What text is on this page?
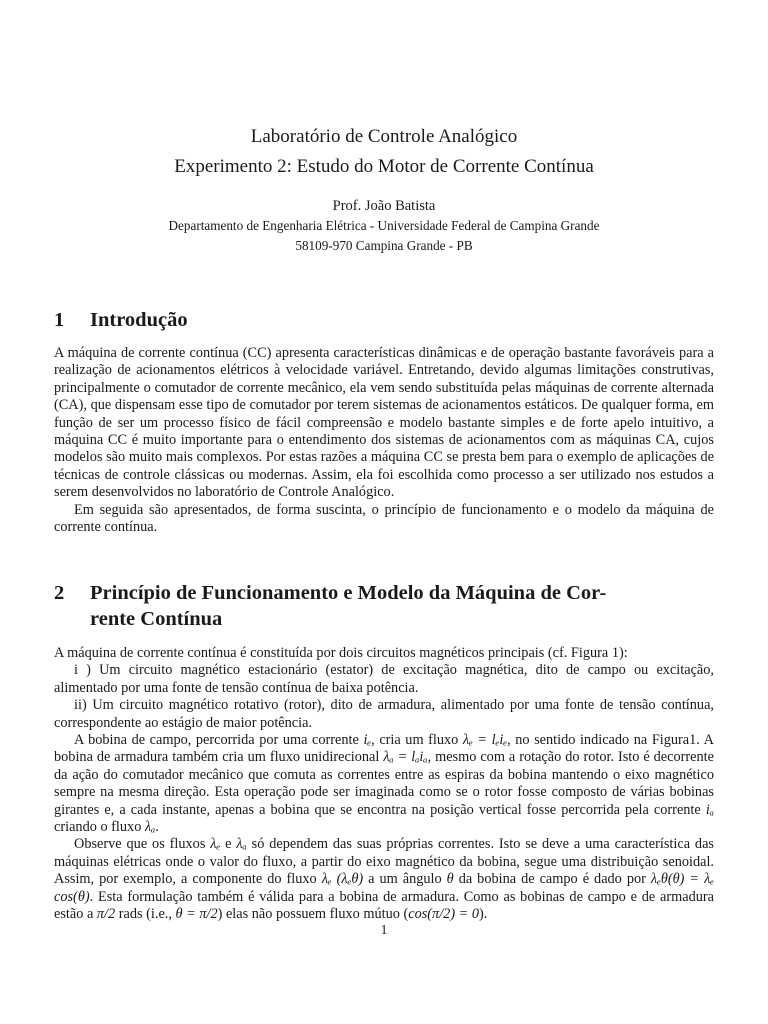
Laboratório de Controle Analógico
Experimento 2: Estudo do Motor de Corrente Contínua
Prof. João Batista
Departamento de Engenharia Elétrica - Universidade Federal de Campina Grande
58109-970 Campina Grande - PB
1 Introdução

A máquina de corrente contínua (CC) apresenta características dinâmicas e de operação bastante favoráveis para a realização de acionamentos elétricos à velocidade variável. Entretando, devido algumas limitações construtivas, principalmente o comutador de corrente mecânico, ela vem sendo substituída pelas máquinas de corrente alternada (CA), que dispensam esse tipo de comutador por terem sistemas de acionamentos estáticos. De qualquer forma, em função de ser um processo físico de fácil compreensão e modelo bastante simples e de forte apelo intuitivo, a máquina CC é muito importante para o entendimento dos sistemas de acionamentos com as máquinas CA, cujos modelos são muito mais complexos. Por estas razões a máquina CC se presta bem para o exemplo de aplicações de técnicas de controle clássicas ou modernas. Assim, ela foi escolhida como processo a ser utilizado nos estudos a serem desenvolvidos no laboratório de Controle Analógico.

Em seguida são apresentados, de forma suscinta, o princípio de funcionamento e o modelo da máquina de corrente contínua.

2 Princípio de Funcionamento e Modelo da Máquina de Cor-
rente Contínua

A máquina de corrente contínua é constituída por dois circuitos magnéticos principais (cf. Figura 1):

i ) Um circuito magnético estacionário (estator) de excitação magnética, dito de campo ou excitação, alimentado por uma fonte de tensão contínua de baixa potência.

ii) Um circuito magnético rotativo (rotor), dito de armadura, alimentado por uma fonte de tensão contínua, correspondente ao estágio de maior potência.

A bobina de campo, percorrida por uma corrente iₑ, cria um fluxo λₑ = lₑiₑ, no sentido indicado na Figura1. A bobina de armadura também cria um fluxo unidirecional λₐ = lₐiₐ, mesmo com a rotação do rotor. Isto é decorrente da ação do comutador mecânico que comuta as correntes entre as espiras da bobina mantendo o eixo magnético sempre na mesma direção. Esta operação pode ser imaginada como se o rotor fosse composto de várias bobinas girantes e, a cada instante, apenas a bobina que se encontra na posição vertical fosse percorrida pela corrente iₐ criando o fluxo λₐ.

Observe que os fluxos λₑ e λₐ só dependem das suas próprias correntes. Isto se deve a uma característica das máquinas elétricas onde o valor do fluxo, a partir do eixo magnético da bobina, segue uma distribuição senoidal. Assim, por exemplo, a componente do fluxo λₑ (λₑθ) a um ângulo θ da bobina de campo é dado por λₑθ(θ) = λₑ cos(θ). Esta formulação também é válida para a bobina de armadura. Como as bobinas de campo e de armadura estão a π/2 rads (i.e., θ = π/2) elas não possuem fluxo mútuo (cos(π/2) = 0).

1
